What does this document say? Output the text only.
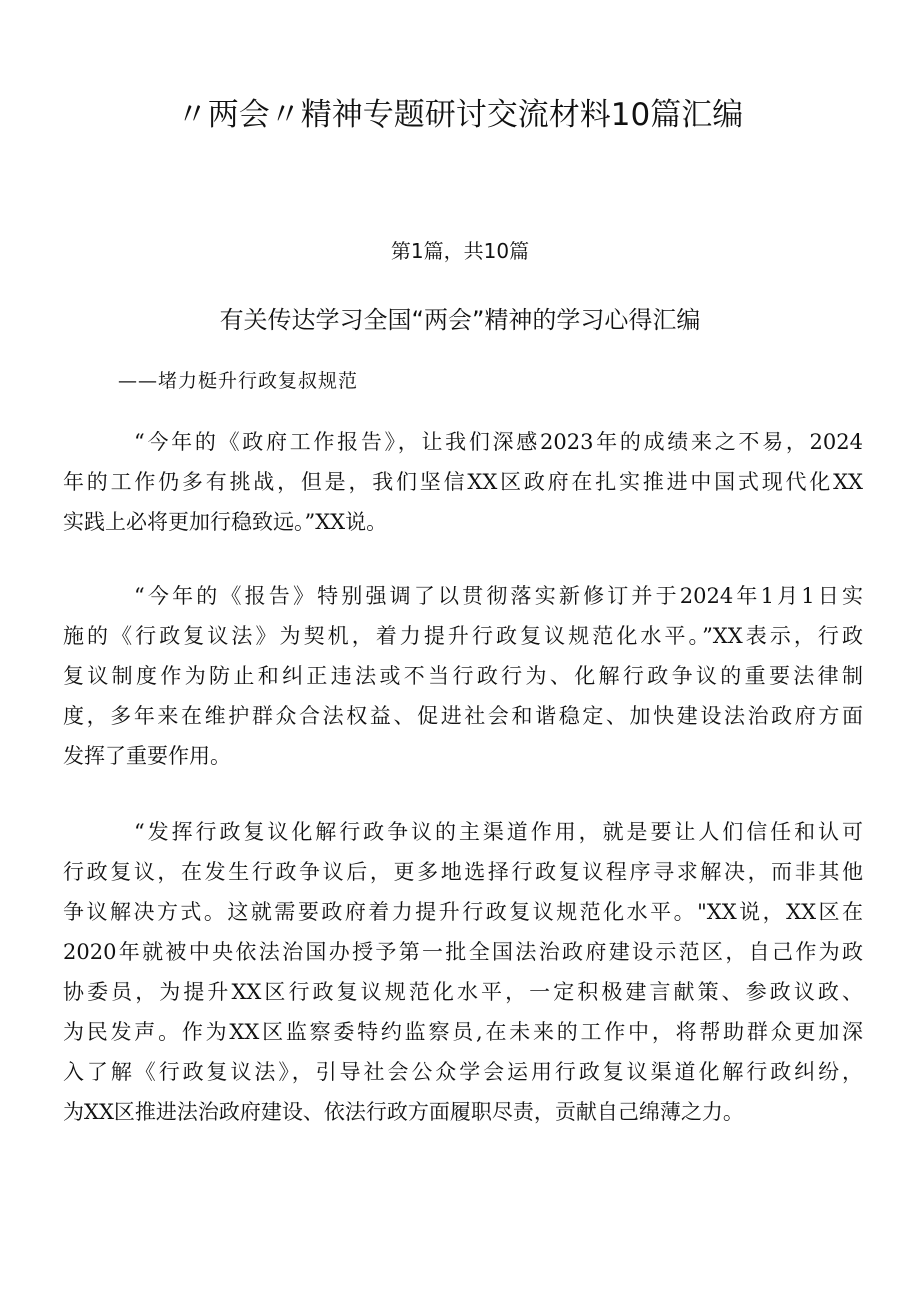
〃两会〃精神专题研讨交流材料10篇汇编
第1篇，共10篇
有关传达学习全国“两会”精神的学习心得汇编
——堵力梃升行政复叔规范
“今年的《政府工作报告》，让我们深感2023年的成绩来之不易，2024
年的工作仍多有挑战，但是，我们坚信XX区政府在扎实推进中国式现代化XX
实践上必将更加行稳致远。”XX说。
“今年的《报告》特别强调了以贯彻落实新修订并于2024年1月1日实
施的《行政复议法》为契机，着力提升行政复议规范化水平。”XX表示，行政
复议制度作为防止和纠正违法或不当行政行为、化解行政争议的重要法律制
度，多年来在维护群众合法权益、促进社会和谐稳定、加快建设法治政府方面
发挥了重要作用。
“发挥行政复议化解行政争议的主渠道作用，就是要让人们信任和认可
行政复议，在发生行政争议后，更多地选择行政复议程序寻求解决，而非其他
争议解决方式。这就需要政府着力提升行政复议规范化水平。"XX说，XX区在
2020年就被中央依法治国办授予第一批全国法治政府建设示范区，自己作为政
协委员，为提升XX区行政复议规范化水平，一定积极建言献策、参政议政、
为民发声。作为XX区监察委特约监察员,在未来的工作中，将帮助群众更加深
入了解《行政复议法》，引导社会公众学会运用行政复议渠道化解行政纠纷，
为XX区推进法治政府建设、依法行政方面履职尽责，贡献自己绵薄之力。
